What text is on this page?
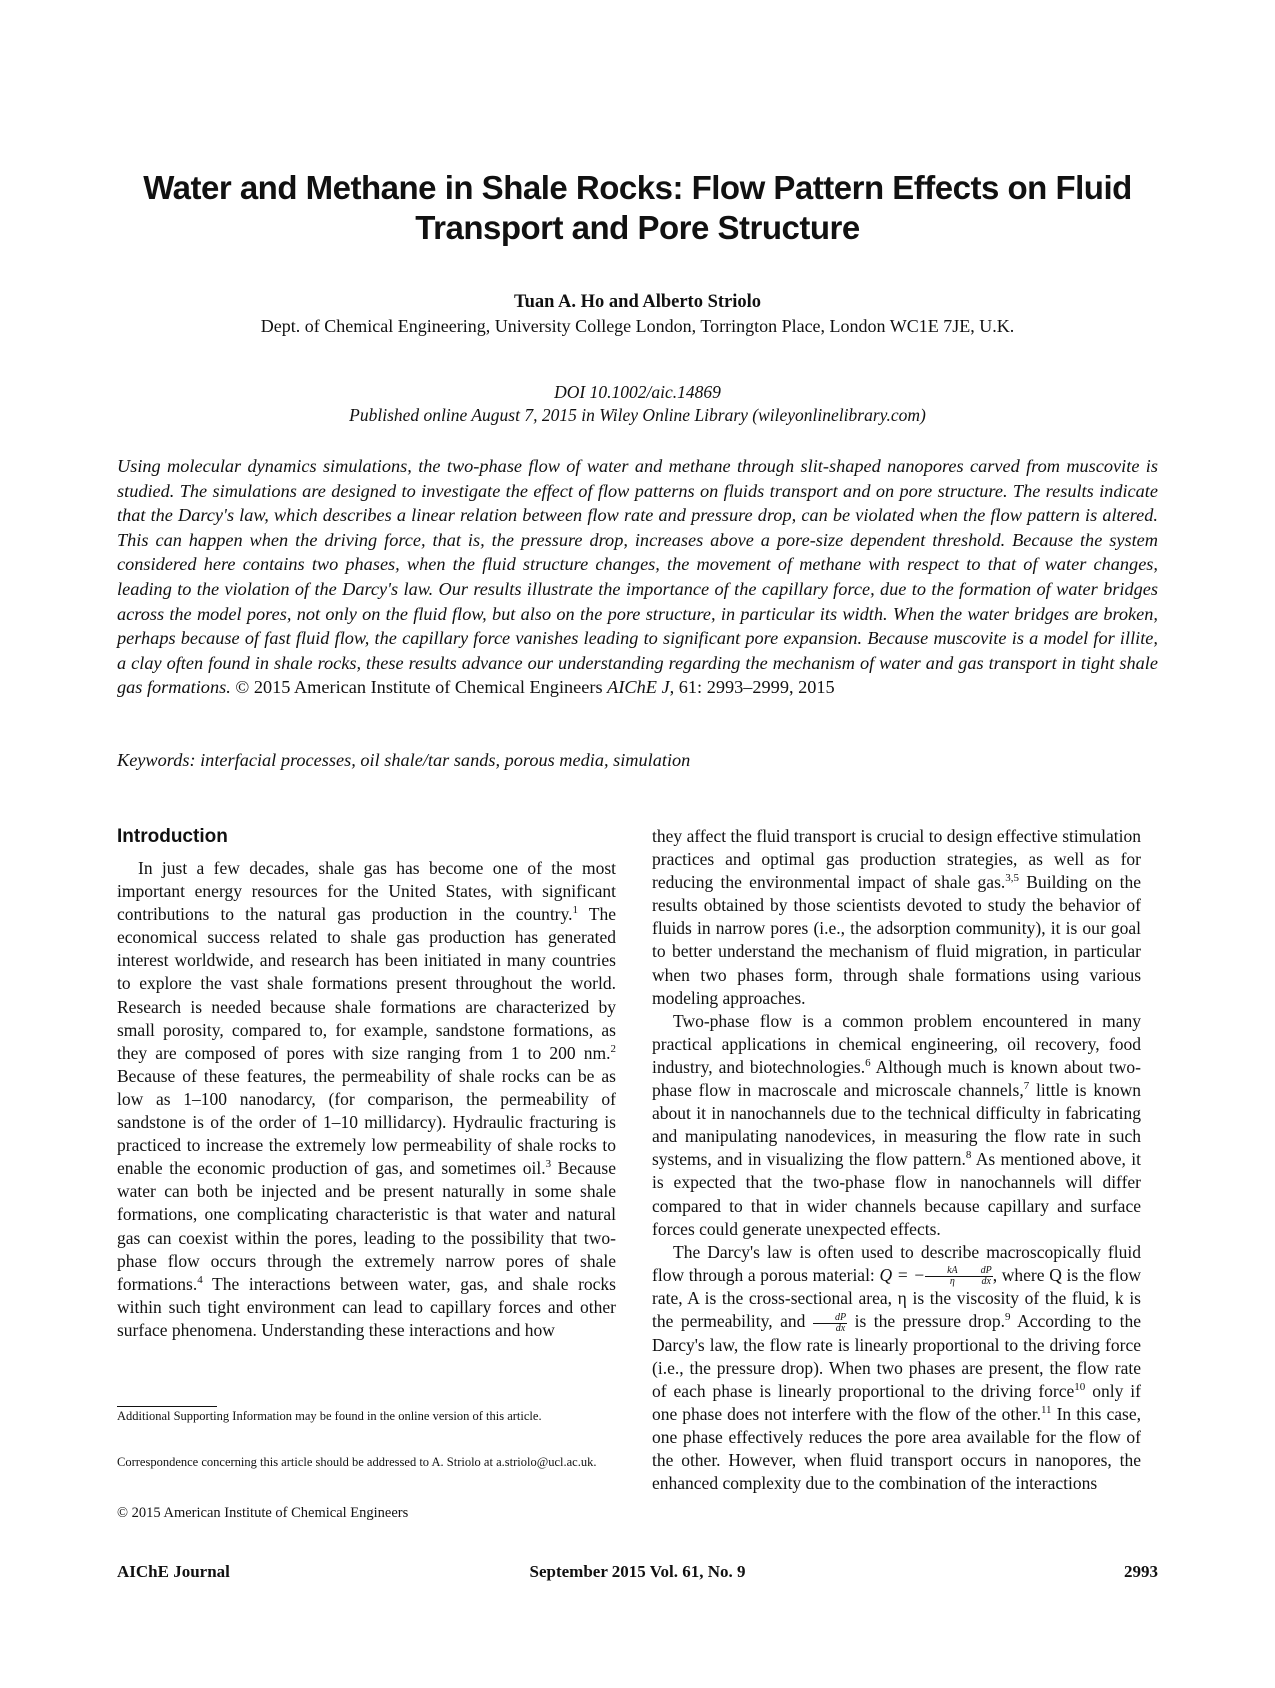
Water and Methane in Shale Rocks: Flow Pattern Effects on Fluid Transport and Pore Structure
Tuan A. Ho and Alberto Striolo
Dept. of Chemical Engineering, University College London, Torrington Place, London WC1E 7JE, U.K.
DOI 10.1002/aic.14869
Published online August 7, 2015 in Wiley Online Library (wileyonlinelibrary.com)
Using molecular dynamics simulations, the two-phase flow of water and methane through slit-shaped nanopores carved from muscovite is studied. The simulations are designed to investigate the effect of flow patterns on fluids transport and on pore structure. The results indicate that the Darcy's law, which describes a linear relation between flow rate and pressure drop, can be violated when the flow pattern is altered. This can happen when the driving force, that is, the pressure drop, increases above a pore-size dependent threshold. Because the system considered here contains two phases, when the fluid structure changes, the movement of methane with respect to that of water changes, leading to the violation of the Darcy's law. Our results illustrate the importance of the capillary force, due to the formation of water bridges across the model pores, not only on the fluid flow, but also on the pore structure, in particular its width. When the water bridges are broken, perhaps because of fast fluid flow, the capillary force vanishes leading to significant pore expansion. Because muscovite is a model for illite, a clay often found in shale rocks, these results advance our understanding regarding the mechanism of water and gas transport in tight shale gas formations. © 2015 American Institute of Chemical Engineers AIChE J, 61: 2993–2999, 2015
Keywords: interfacial processes, oil shale/tar sands, porous media, simulation
Introduction

In just a few decades, shale gas has become one of the most important energy resources for the United States, with significant contributions to the natural gas production in the country.$^1$ The economical success related to shale gas production has generated interest worldwide, and research has been initiated in many countries to explore the vast shale formations present throughout the world. Research is needed because shale formations are characterized by small porosity, compared to, for example, sandstone formations, as they are composed of pores with size ranging from 1 to 200 nm.$^2$ Because of these features, the permeability of shale rocks can be as low as 1–100 nanodarcy, (for comparison, the permeability of sandstone is of the order of 1–10 millidarcy). Hydraulic fracturing is practiced to increase the extremely low permeability of shale rocks to enable the economic production of gas, and sometimes oil.$^3$ Because water can both be injected and be present naturally in some shale formations, one complicating characteristic is that water and natural gas can coexist within the pores, leading to the possibility that two-phase flow occurs through the extremely narrow pores of shale formations.$^4$ The interactions between water, gas, and shale rocks within such tight environment can lead to capillary forces and other surface phenomena. Understanding these interactions and how

Additional Supporting Information may be found in the online version of this article.
Correspondence concerning this article should be addressed to A. Striolo at a.striolo@ucl.ac.uk.
© 2015 American Institute of Chemical Engineers

they affect the fluid transport is crucial to design effective stimulation practices and optimal gas production strategies, as well as for reducing the environmental impact of shale gas.$^{3,5}$ Building on the results obtained by those scientists devoted to study the behavior of fluids in narrow pores (i.e., the adsorption community), it is our goal to better understand the mechanism of fluid migration, in particular when two phases form, through shale formations using various modeling approaches.

Two-phase flow is a common problem encountered in many practical applications in chemical engineering, oil recovery, food industry, and biotechnologies.$^6$ Although much is known about two-phase flow in macroscale and microscale channels,$^7$ little is known about it in nanochannels due to the technical difficulty in fabricating and manipulating nanodevices, in measuring the flow rate in such systems, and in visualizing the flow pattern.$^8$ As mentioned above, it is expected that the two-phase flow in nanochannels will differ compared to that in wider channels because capillary and surface forces could generate unexpected effects.

The Darcy's law is often used to describe macroscopically fluid flow through a porous material: Q = − $\frac{kA}{\eta} \frac{dP}{dx}$ , where Q is the flow rate, A is the cross-sectional area, η is the viscosity of the fluid, k is the permeability, and $\frac{dP}{dx}$ is the pressure drop.$^9$ According to the Darcy's law, the flow rate is linearly proportional to the driving force (i.e., the pressure drop). When two phases are present, the flow rate of each phase is linearly proportional to the driving force$^{10}$ only if one phase does not interfere with the flow of the other.$^{11}$ In this case, one phase effectively reduces the pore area available for the flow of the other. However, when fluid transport occurs in nanopores, the enhanced complexity due to the combination of the interactions

AIChE Journal	September 2015 Vol. 61, No. 9	2993
